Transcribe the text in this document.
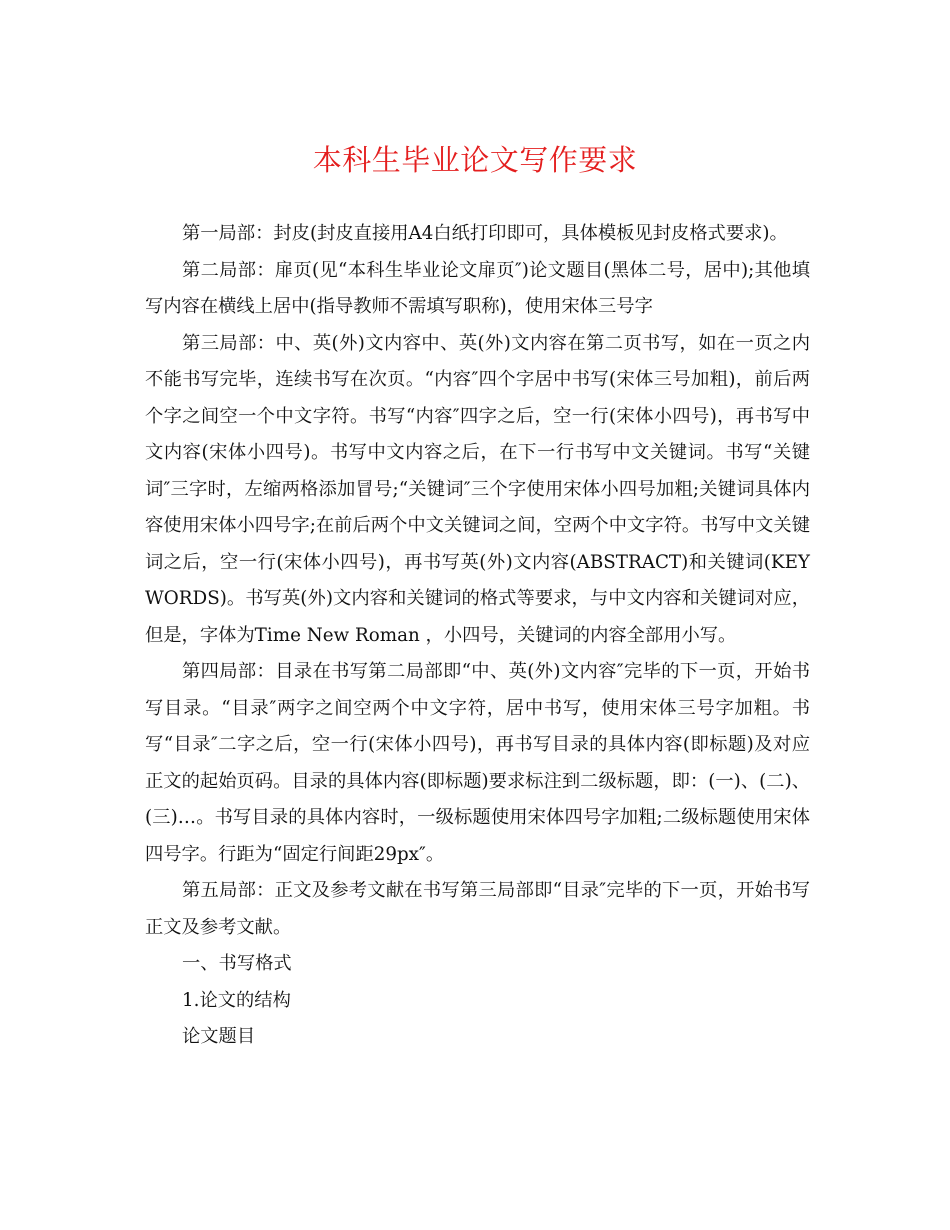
本科生毕业论文写作要求

第一局部：封皮(封皮直接用A4白纸打印即可，具体模板见封皮格式要求)。

第二局部：扉页(见“本科生毕业论文扉页″)论文题目(黑体二号，居中);其他填写内容在横线上居中(指导教师不需填写职称)，使用宋体三号字

第三局部：中、英(外)文内容中、英(外)文内容在第二页书写，如在一页之内不能书写完毕，连续书写在次页。“内容″四个字居中书写(宋体三号加粗)，前后两个字之间空一个中文字符。书写“内容″四字之后，空一行(宋体小四号)，再书写中文内容(宋体小四号)。书写中文内容之后，在下一行书写中文关键词。书写“关键词″三字时，左缩两格添加冒号;“关键词″三个字使用宋体小四号加粗;关键词具体内容使用宋体小四号字;在前后两个中文关键词之间，空两个中文字符。书写中文关键词之后，空一行(宋体小四号)，再书写英(外)文内容(ABSTRACT)和关键词(KEY WORDS)。书写英(外)文内容和关键词的格式等要求，与中文内容和关键词对应，但是，字体为Time New Roman ，小四号，关键词的内容全部用小写。

第四局部：目录在书写第二局部即“中、英(外)文内容″完毕的下一页，开始书写目录。“目录″两字之间空两个中文字符，居中书写，使用宋体三号字加粗。书写“目录″二字之后，空一行(宋体小四号)，再书写目录的具体内容(即标题)及对应正文的起始页码。目录的具体内容(即标题)要求标注到二级标题，即：(一)、(二)、(三)…。书写目录的具体内容时，一级标题使用宋体四号字加粗;二级标题使用宋体四号字。行距为“固定行间距29px″。

第五局部：正文及参考文献在书写第三局部即“目录″完毕的下一页，开始书写正文及参考文献。

一、书写格式

1.论文的结构

论文题目
